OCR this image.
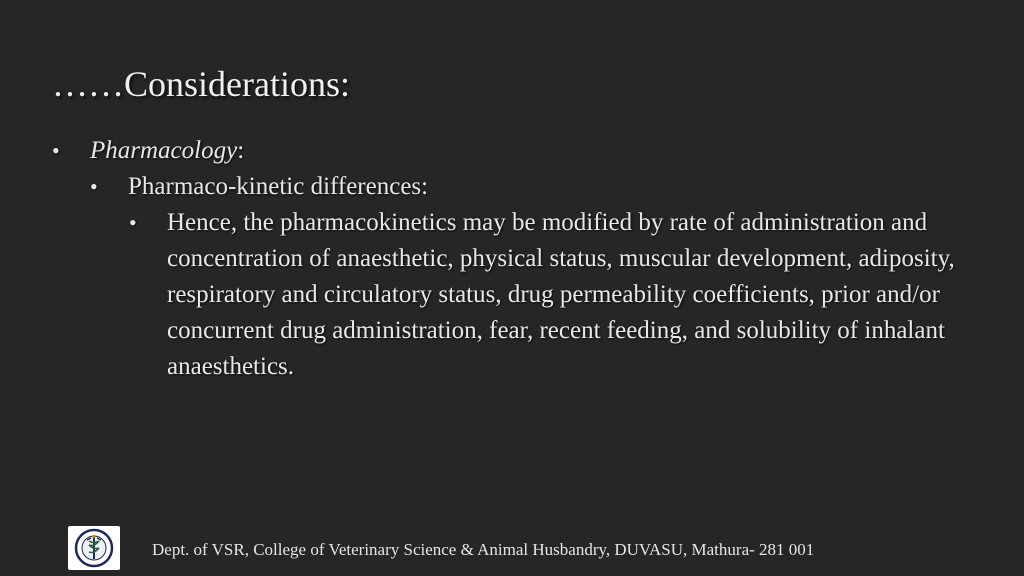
……Considerations:
•	Pharmacology:
•	Pharmaco-kinetic differences:
•	Hence, the pharmacokinetics may be modified by rate of administration and concentration of anaesthetic, physical status, muscular development, adiposity, respiratory and circulatory status, drug permeability coefficients, prior and/or concurrent drug administration, fear, recent feeding, and solubility of inhalant anaesthetics.
Dept. of VSR, College of Veterinary Science & Animal Husbandry, DUVASU, Mathura- 281 001
